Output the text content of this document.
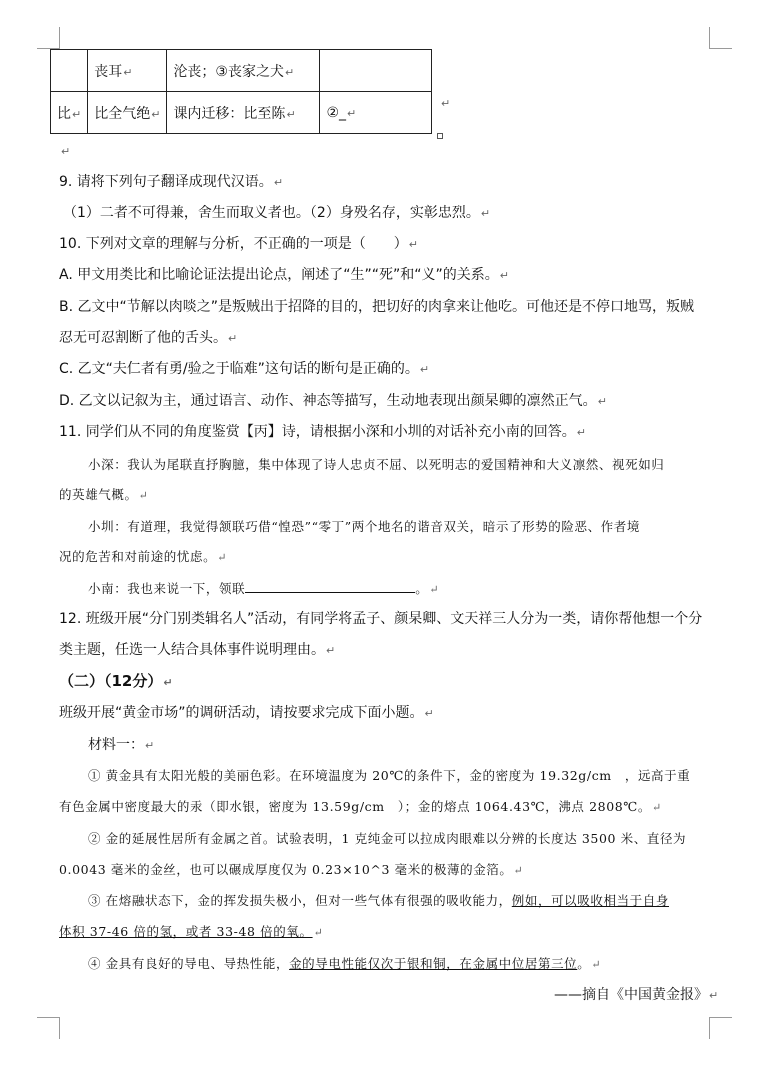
	丧耳↵	沦丧；③丧家之犬↵	
比↵	比全气绝↵	课内迁移：比至陈↵	②_↵
↵
↵
9. 请将下列句子翻译成现代汉语。↵
（1）二者不可得兼，舍生而取义者也。（2）身殁名存，实彰忠烈。↵
10. 下列对文章的理解与分析，不正确的一项是（　　）↵
A. 甲文用类比和比喻论证法提出论点，阐述了“生”“死”和“义”的关系。↵
B. 乙文中“节解以肉啖之”是叛贼出于招降的目的，把切好的肉拿来让他吃。可他还是不停口地骂，叛贼
忍无可忍割断了他的舌头。↵
C. 乙文“夫仁者有勇/验之于临难”这句话的断句是正确的。↵
D. 乙文以记叙为主，通过语言、动作、神态等描写，生动地表现出颜杲卿的凛然正气。↵
11. 同学们从不同的角度鉴赏【丙】诗，请根据小深和小圳的对话补充小南的回答。↵
小深：我认为尾联直抒胸臆，集中体现了诗人忠贞不屈、以死明志的爱国精神和大义凛然、视死如归
的英雄气概。↵
小圳：有道理，我觉得颔联巧借“惶恐”“零丁”两个地名的谐音双关，暗示了形势的险恶、作者境
况的危苦和对前途的忧虑。↵
小南：我也来说一下，领联	。↵
12. 班级开展“分门别类辑名人”活动，有同学将孟子、颜杲卿、文天祥三人分为一类，请你帮他想一个分
类主题，任选一人结合具体事件说明理由。↵
（二）（12分）↵
班级开展“黄金市场”的调研活动，请按要求完成下面小题。↵
材料一：↵
① 黄金具有太阳光般的美丽色彩。在环境温度为 20℃的条件下，金的密度为 19.32g/cm　，远高于重
有色金属中密度最大的汞（即水银，密度为 13.59g/cm　）；金的熔点 1064.43℃，沸点 2808℃。↵
② 金的延展性居所有金属之首。试验表明，1 克纯金可以拉成肉眼难以分辨的长度达 3500 米、直径为
0.0043 毫米的金丝，也可以碾成厚度仅为 0.23×10^3 毫米的极薄的金箔。↵
③ 在熔融状态下，金的挥发损失极小，但对一些气体有很强的吸收能力，例如，可以吸收相当于自身
体积 37-46 倍的氢，或者 33-48 倍的氧。↵
④ 金具有良好的导电、导热性能，金的导电性能仅次于银和铜，在金属中位居第三位。↵
——摘自《中国黄金报》↵
